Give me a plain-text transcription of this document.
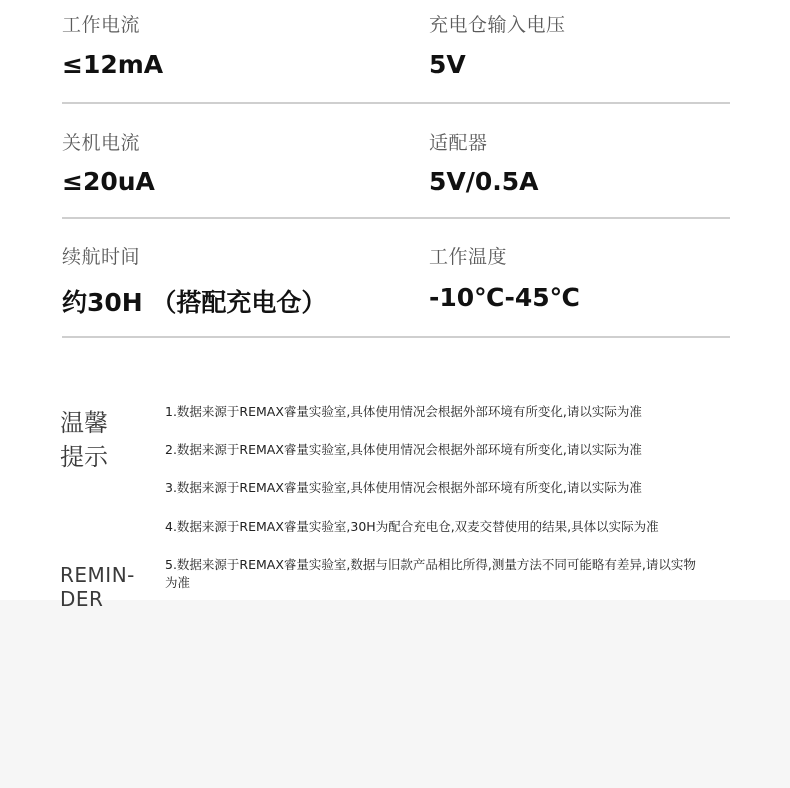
工作电流
≤12mA
充电仓输入电压
5V
关机电流
≤20uA
适配器
5V/0.5A
续航时间
约30H （搭配充电仓）
工作温度
-10℃-45℃
温馨
提示
REMIN-
DER
1.数据来源于REMAX睿量实验室,具体使用情况会根据外部环境有所变化,请以实际为准
2.数据来源于REMAX睿量实验室,具体使用情况会根据外部环境有所变化,请以实际为准
3.数据来源于REMAX睿量实验室,具体使用情况会根据外部环境有所变化,请以实际为准
4.数据来源于REMAX睿量实验室,30H为配合充电仓,双麦交替使用的结果,具体以实际为准
5.数据来源于REMAX睿量实验室,数据与旧款产品相比所得,测量方法不同可能略有差异,请以实物为准
